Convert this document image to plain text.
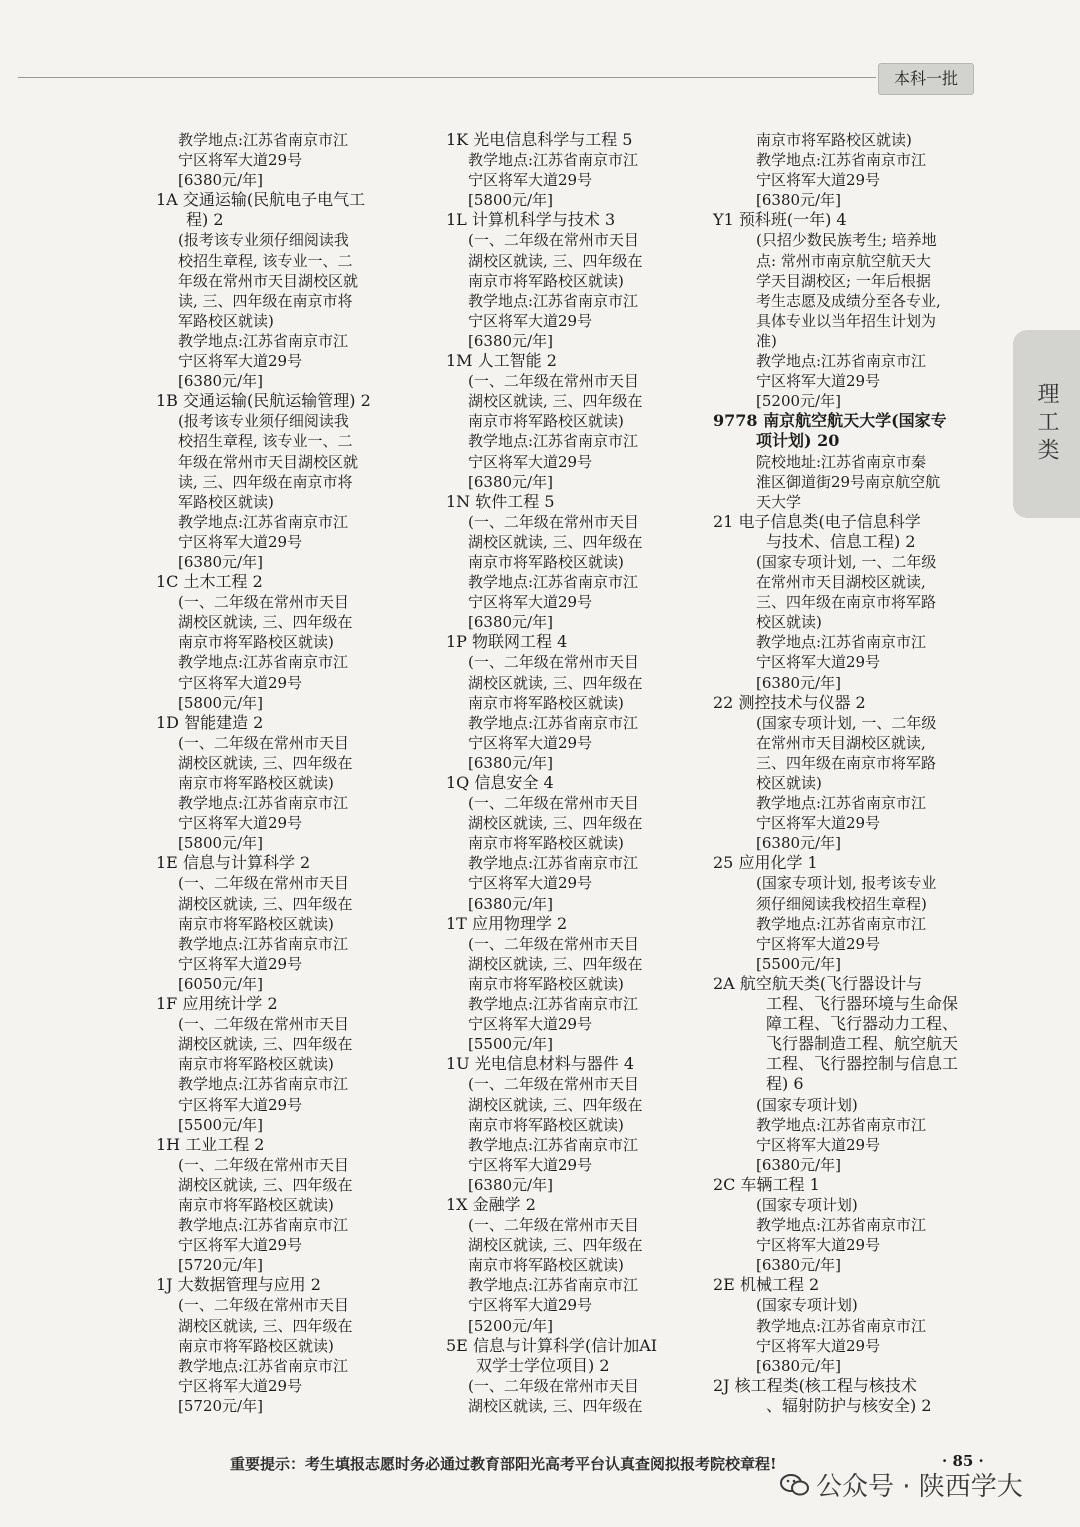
本科一批
理工类
教学地点:江苏省南京市江
宁区将军大道29号
[6380元/年]
1A 交通运输(民航电子电气工
程) 2
(报考该专业须仔细阅读我
校招生章程, 该专业一、二
年级在常州市天目湖校区就
读, 三、四年级在南京市将
军路校区就读)
教学地点:江苏省南京市江
宁区将军大道29号
[6380元/年]
1B 交通运输(民航运输管理) 2
(报考该专业须仔细阅读我
校招生章程, 该专业一、二
年级在常州市天目湖校区就
读, 三、四年级在南京市将
军路校区就读)
教学地点:江苏省南京市江
宁区将军大道29号
[6380元/年]
1C 土木工程 2
(一、二年级在常州市天目
湖校区就读, 三、四年级在
南京市将军路校区就读)
教学地点:江苏省南京市江
宁区将军大道29号
[5800元/年]
1D 智能建造 2
(一、二年级在常州市天目
湖校区就读, 三、四年级在
南京市将军路校区就读)
教学地点:江苏省南京市江
宁区将军大道29号
[5800元/年]
1E 信息与计算科学 2
(一、二年级在常州市天目
湖校区就读, 三、四年级在
南京市将军路校区就读)
教学地点:江苏省南京市江
宁区将军大道29号
[6050元/年]
1F 应用统计学 2
(一、二年级在常州市天目
湖校区就读, 三、四年级在
南京市将军路校区就读)
教学地点:江苏省南京市江
宁区将军大道29号
[5500元/年]
1H 工业工程 2
(一、二年级在常州市天目
湖校区就读, 三、四年级在
南京市将军路校区就读)
教学地点:江苏省南京市江
宁区将军大道29号
[5720元/年]
1J 大数据管理与应用 2
(一、二年级在常州市天目
湖校区就读, 三、四年级在
南京市将军路校区就读)
教学地点:江苏省南京市江
宁区将军大道29号
[5720元/年]
1K 光电信息科学与工程 5
教学地点:江苏省南京市江
宁区将军大道29号
[5800元/年]
1L 计算机科学与技术 3
(一、二年级在常州市天目
湖校区就读, 三、四年级在
南京市将军路校区就读)
教学地点:江苏省南京市江
宁区将军大道29号
[6380元/年]
1M 人工智能 2
(一、二年级在常州市天目
湖校区就读, 三、四年级在
南京市将军路校区就读)
教学地点:江苏省南京市江
宁区将军大道29号
[6380元/年]
1N 软件工程 5
(一、二年级在常州市天目
湖校区就读, 三、四年级在
南京市将军路校区就读)
教学地点:江苏省南京市江
宁区将军大道29号
[6380元/年]
1P 物联网工程 4
(一、二年级在常州市天目
湖校区就读, 三、四年级在
南京市将军路校区就读)
教学地点:江苏省南京市江
宁区将军大道29号
[6380元/年]
1Q 信息安全 4
(一、二年级在常州市天目
湖校区就读, 三、四年级在
南京市将军路校区就读)
教学地点:江苏省南京市江
宁区将军大道29号
[6380元/年]
1T 应用物理学 2
(一、二年级在常州市天目
湖校区就读, 三、四年级在
南京市将军路校区就读)
教学地点:江苏省南京市江
宁区将军大道29号
[5500元/年]
1U 光电信息材料与器件 4
(一、二年级在常州市天目
湖校区就读, 三、四年级在
南京市将军路校区就读)
教学地点:江苏省南京市江
宁区将军大道29号
[6380元/年]
1X 金融学 2
(一、二年级在常州市天目
湖校区就读, 三、四年级在
南京市将军路校区就读)
教学地点:江苏省南京市江
宁区将军大道29号
[5200元/年]
5E 信息与计算科学(信计加AI
双学士学位项目) 2
(一、二年级在常州市天目
湖校区就读, 三、四年级在
南京市将军路校区就读)
教学地点:江苏省南京市江
宁区将军大道29号
[6380元/年]
Y1 预科班(一年) 4
(只招少数民族考生; 培养地
点: 常州市南京航空航天大
学天目湖校区; 一年后根据
考生志愿及成绩分至各专业,
具体专业以当年招生计划为
准)
教学地点:江苏省南京市江
宁区将军大道29号
[5200元/年]
9778 南京航空航天大学(国家专
项计划) 20
院校地址:江苏省南京市秦
淮区御道街29号南京航空航
天大学
21 电子信息类(电子信息科学
与技术、信息工程) 2
(国家专项计划, 一、二年级
在常州市天目湖校区就读,
三、四年级在南京市将军路
校区就读)
教学地点:江苏省南京市江
宁区将军大道29号
[6380元/年]
22 测控技术与仪器 2
(国家专项计划, 一、二年级
在常州市天目湖校区就读,
三、四年级在南京市将军路
校区就读)
教学地点:江苏省南京市江
宁区将军大道29号
[6380元/年]
25 应用化学 1
(国家专项计划, 报考该专业
须仔细阅读我校招生章程)
教学地点:江苏省南京市江
宁区将军大道29号
[5500元/年]
2A 航空航天类(飞行器设计与
工程、飞行器环境与生命保
障工程、飞行器动力工程、
飞行器制造工程、航空航天
工程、飞行器控制与信息工
程) 6
(国家专项计划)
教学地点:江苏省南京市江
宁区将军大道29号
[6380元/年]
2C 车辆工程 1
(国家专项计划)
教学地点:江苏省南京市江
宁区将军大道29号
[6380元/年]
2E 机械工程 2
(国家专项计划)
教学地点:江苏省南京市江
宁区将军大道29号
[6380元/年]
2J 核工程类(核工程与核技术
、辐射防护与核安全) 2
重要提示：考生填报志愿时务必通过教育部阳光高考平台认真查阅拟报考院校章程!	· 85 ·
公众号 · 陕西学大
